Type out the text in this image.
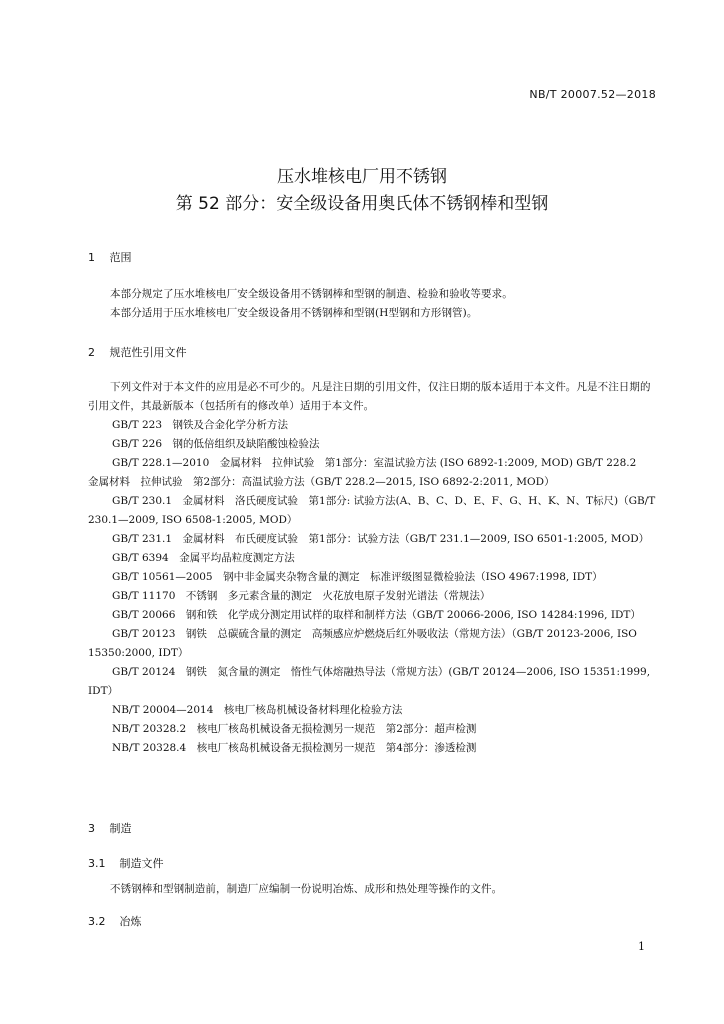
NB/T 20007.52—2018
压水堆核电厂用不锈钢
第 52 部分：安全级设备用奥氏体不锈钢棒和型钢
1 范围
本部分规定了压水堆核电厂安全级设备用不锈钢棒和型钢的制造、检验和验收等要求。
本部分适用于压水堆核电厂安全级设备用不锈钢棒和型钢(H型钢和方形钢管)。
2 规范性引用文件
下列文件对于本文件的应用是必不可少的。凡是注日期的引用文件，仅注日期的版本适用于本文件。凡是不注日期的引用文件，其最新版本（包括所有的修改单）适用于本文件。

GB/T 223　钢铁及合金化学分析方法

GB/T 226　钢的低倍组织及缺陷酸蚀检验法

GB/T 228.1—2010　金属材料　拉伸试验　第1部分：室温试验方法 (ISO 6892-1:2009, MOD) GB/T 228.2　金属材料　拉伸试验　第2部分：高温试验方法（GB/T 228.2—2015, ISO 6892-2:2011, MOD）

GB/T 230.1　金属材料　洛氏硬度试验　第1部分: 试验方法(A、B、C、D、E、F、G、H、K、N、T标尺)（GB/T 230.1—2009, ISO 6508-1:2005, MOD）

GB/T 231.1　金属材料　布氏硬度试验　第1部分：试验方法（GB/T 231.1—2009, ISO 6501-1:2005, MOD）

GB/T 6394　金属平均晶粒度测定方法

GB/T 10561—2005　钢中非金属夹杂物含量的测定　标准评级图显微检验法（ISO 4967:1998, IDT）

GB/T 11170　不锈钢　多元素含量的测定　火花放电原子发射光谱法（常规法）

GB/T 20066　钢和铁　化学成分测定用试样的取样和制样方法（GB/T 20066-2006, ISO 14284:1996, IDT）

GB/T 20123　钢铁　总碳硫含量的测定　高频感应炉燃烧后红外吸收法（常规方法）（GB/T 20123-2006, ISO 15350:2000, IDT）

GB/T 20124　钢铁　氮含量的测定　惰性气体熔融热导法（常规方法）(GB/T 20124—2006, ISO 15351:1999, IDT）

NB/T 20004—2014　核电厂核岛机械设备材料理化检验方法

NB/T 20328.2　核电厂核岛机械设备无损检测另一规范　第2部分：超声检测

NB/T 20328.4　核电厂核岛机械设备无损检测另一规范　第4部分：渗透检测

3 制造
3.1 制造文件
不锈钢棒和型钢制造前，制造厂应编制一份说明冶炼、成形和热处理等操作的文件。
3.2 冶炼
1
